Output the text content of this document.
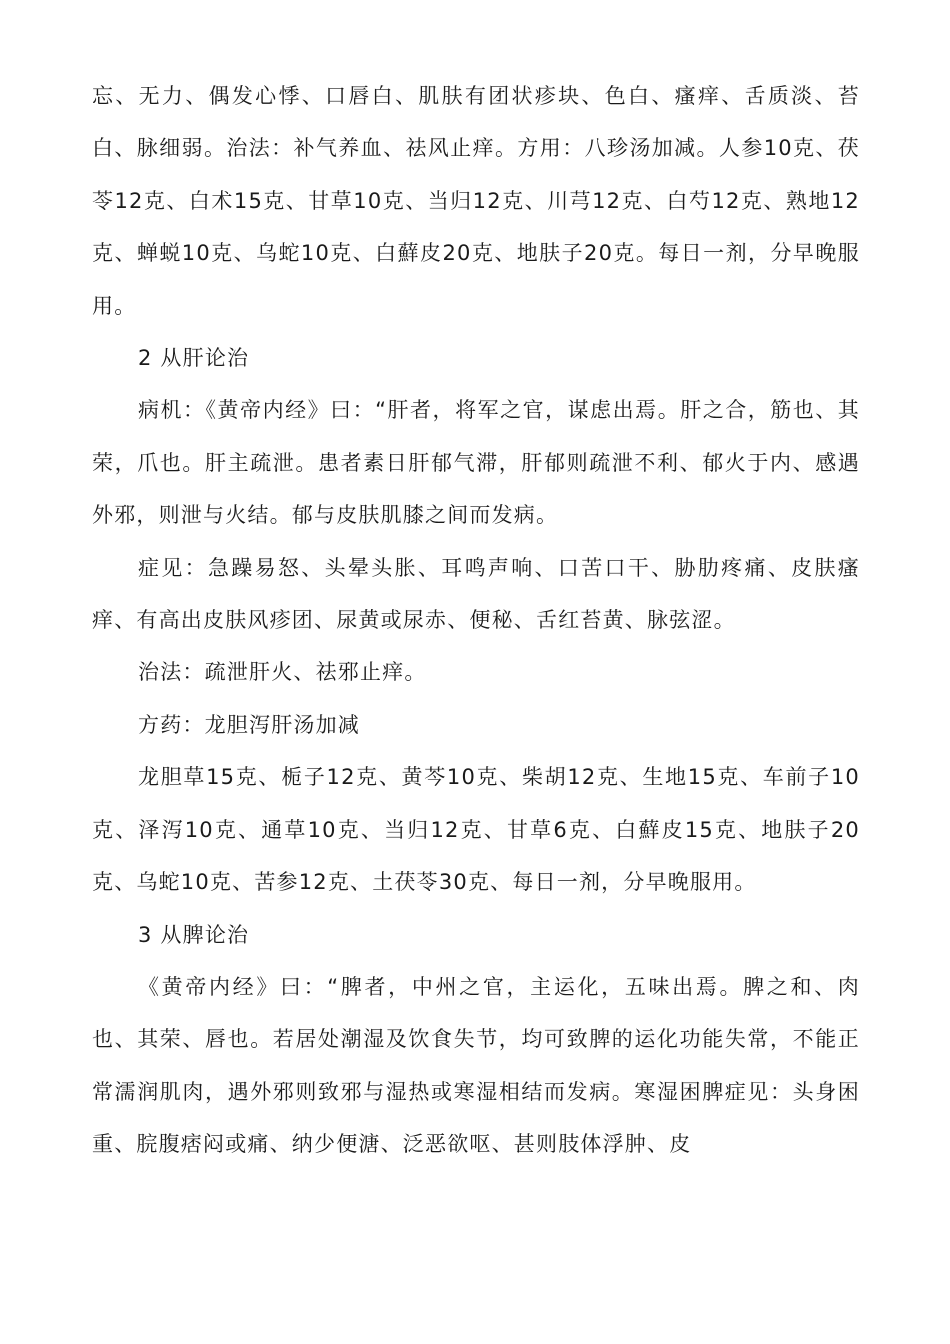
忘、无力、偶发心悸、口唇白、肌肤有团状疹块、色白、瘙痒、舌质淡、苔白、脉细弱。治法：补气养血、祛风止痒。方用：八珍汤加减。人参10克、茯苓12克、白术15克、甘草10克、当归12克、川芎12克、白芍12克、熟地12克、蝉蜕10克、乌蛇10克、白蘚皮20克、地肤子20克。每日一剂，分早晚服用。

2 从肝论治

病机：《黄帝内经》曰：“肝者，将军之官，谋虑出焉。肝之合，筋也、其荣，爪也。肝主疏泄。患者素日肝郁气滞，肝郁则疏泄不利、郁火于内、感遇外邪，则泄与火结。郁与皮肤肌膝之间而发病。

症见：急躁易怒、头晕头胀、耳鸣声响、口苦口干、胁肋疼痛、皮肤瘙痒、有高出皮肤风疹团、尿黄或尿赤、便秘、舌红苔黄、脉弦涩。

治法：疏泄肝火、祛邪止痒。

方药：龙胆泻肝汤加减

龙胆草15克、栀子12克、黄芩10克、柴胡12克、生地15克、车前子10克、泽泻10克、通草10克、当归12克、甘草6克、白蘚皮15克、地肤子20克、乌蛇10克、苦参12克、土茯苓30克、每日一剂，分早晚服用。

3 从脾论治

《黄帝内经》曰：“脾者，中州之官，主运化，五味出焉。脾之和、肉也、其荣、唇也。若居处潮湿及饮食失节，均可致脾的运化功能失常，不能正常濡润肌肉，遇外邪则致邪与湿热或寒湿相结而发病。寒湿困脾症见：头身困重、脘腹痞闷或痛、纳少便溏、泛恶欲呕、甚则肢体浮肿、皮
